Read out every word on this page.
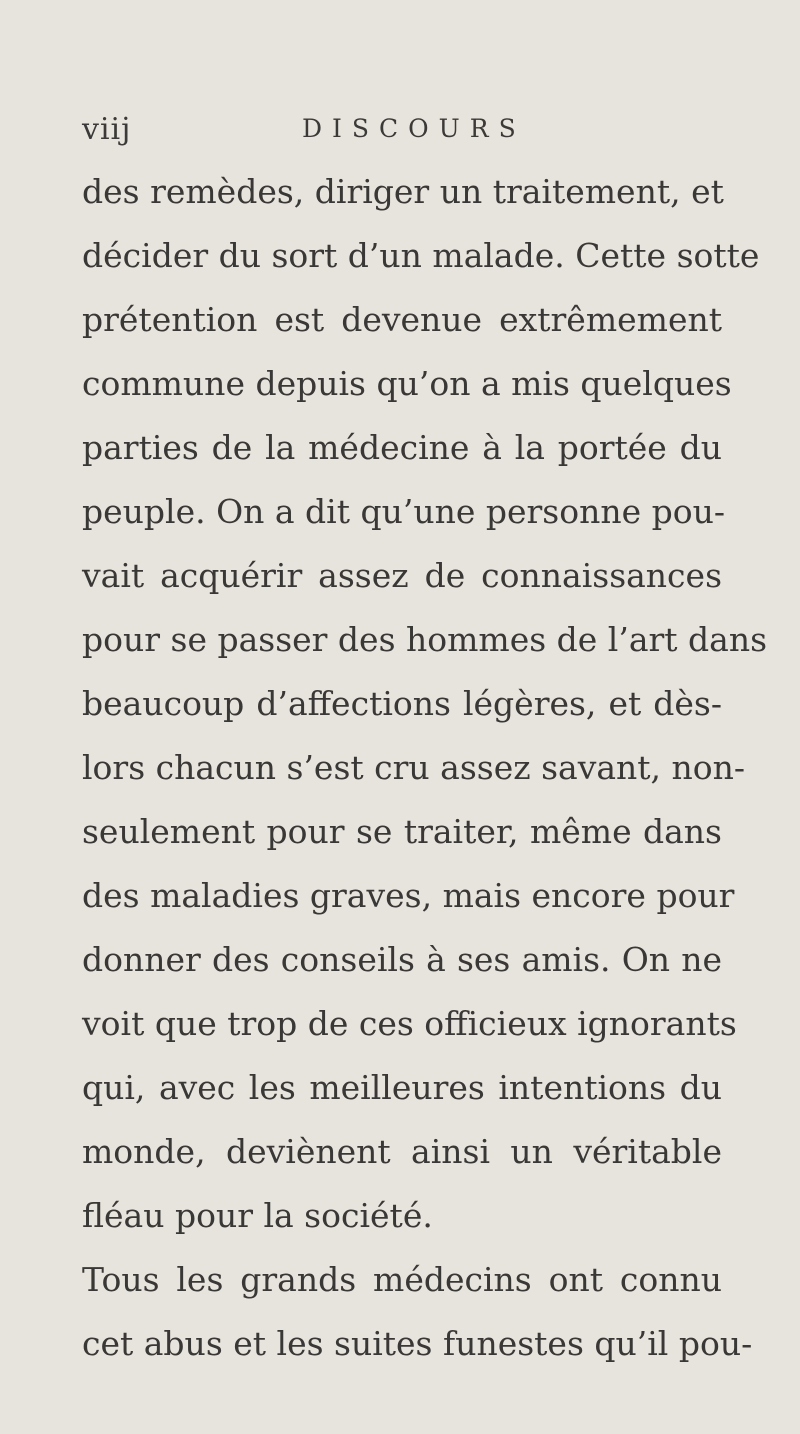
viij	DISCOURS
des remèdes, diriger un traitement, et
décider du sort d’un malade. Cette sotte
prétention est devenue extrêmement
commune depuis qu’on a mis quelques
parties de la médecine à la portée du
peuple. On a dit qu’une personne pou-
vait acquérir assez de connaissances
pour se passer des hommes de l’art dans
beaucoup d’affections légères, et dès-
lors chacun s’est cru assez savant, non-
seulement pour se traiter, même dans
des maladies graves, mais encore pour
donner des conseils à ses amis. On ne
voit que trop de ces officieux ignorants
qui, avec les meilleures intentions du
monde, deviènent ainsi un véritable
fléau pour la société.
Tous les grands médecins ont connu
cet abus et les suites funestes qu’il pou-
